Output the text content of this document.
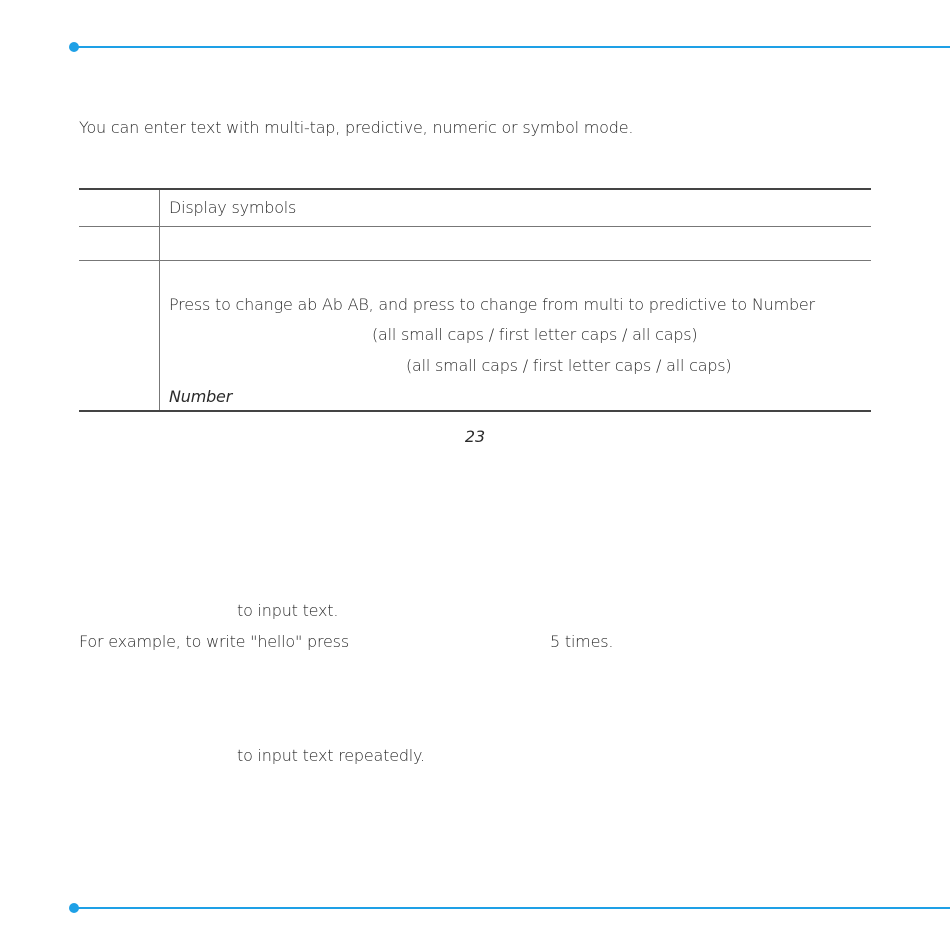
You can enter text with multi-tap, predictive, numeric or symbol mode.
Display symbols
Press to change ab Ab AB, and press to change from multi to predictive to Number
(all small caps / first letter caps / all caps)
(all small caps / first letter caps / all caps)
Number
23
to input text.
For example, to write "hello" press	5 times.
to input text repeatedly.
